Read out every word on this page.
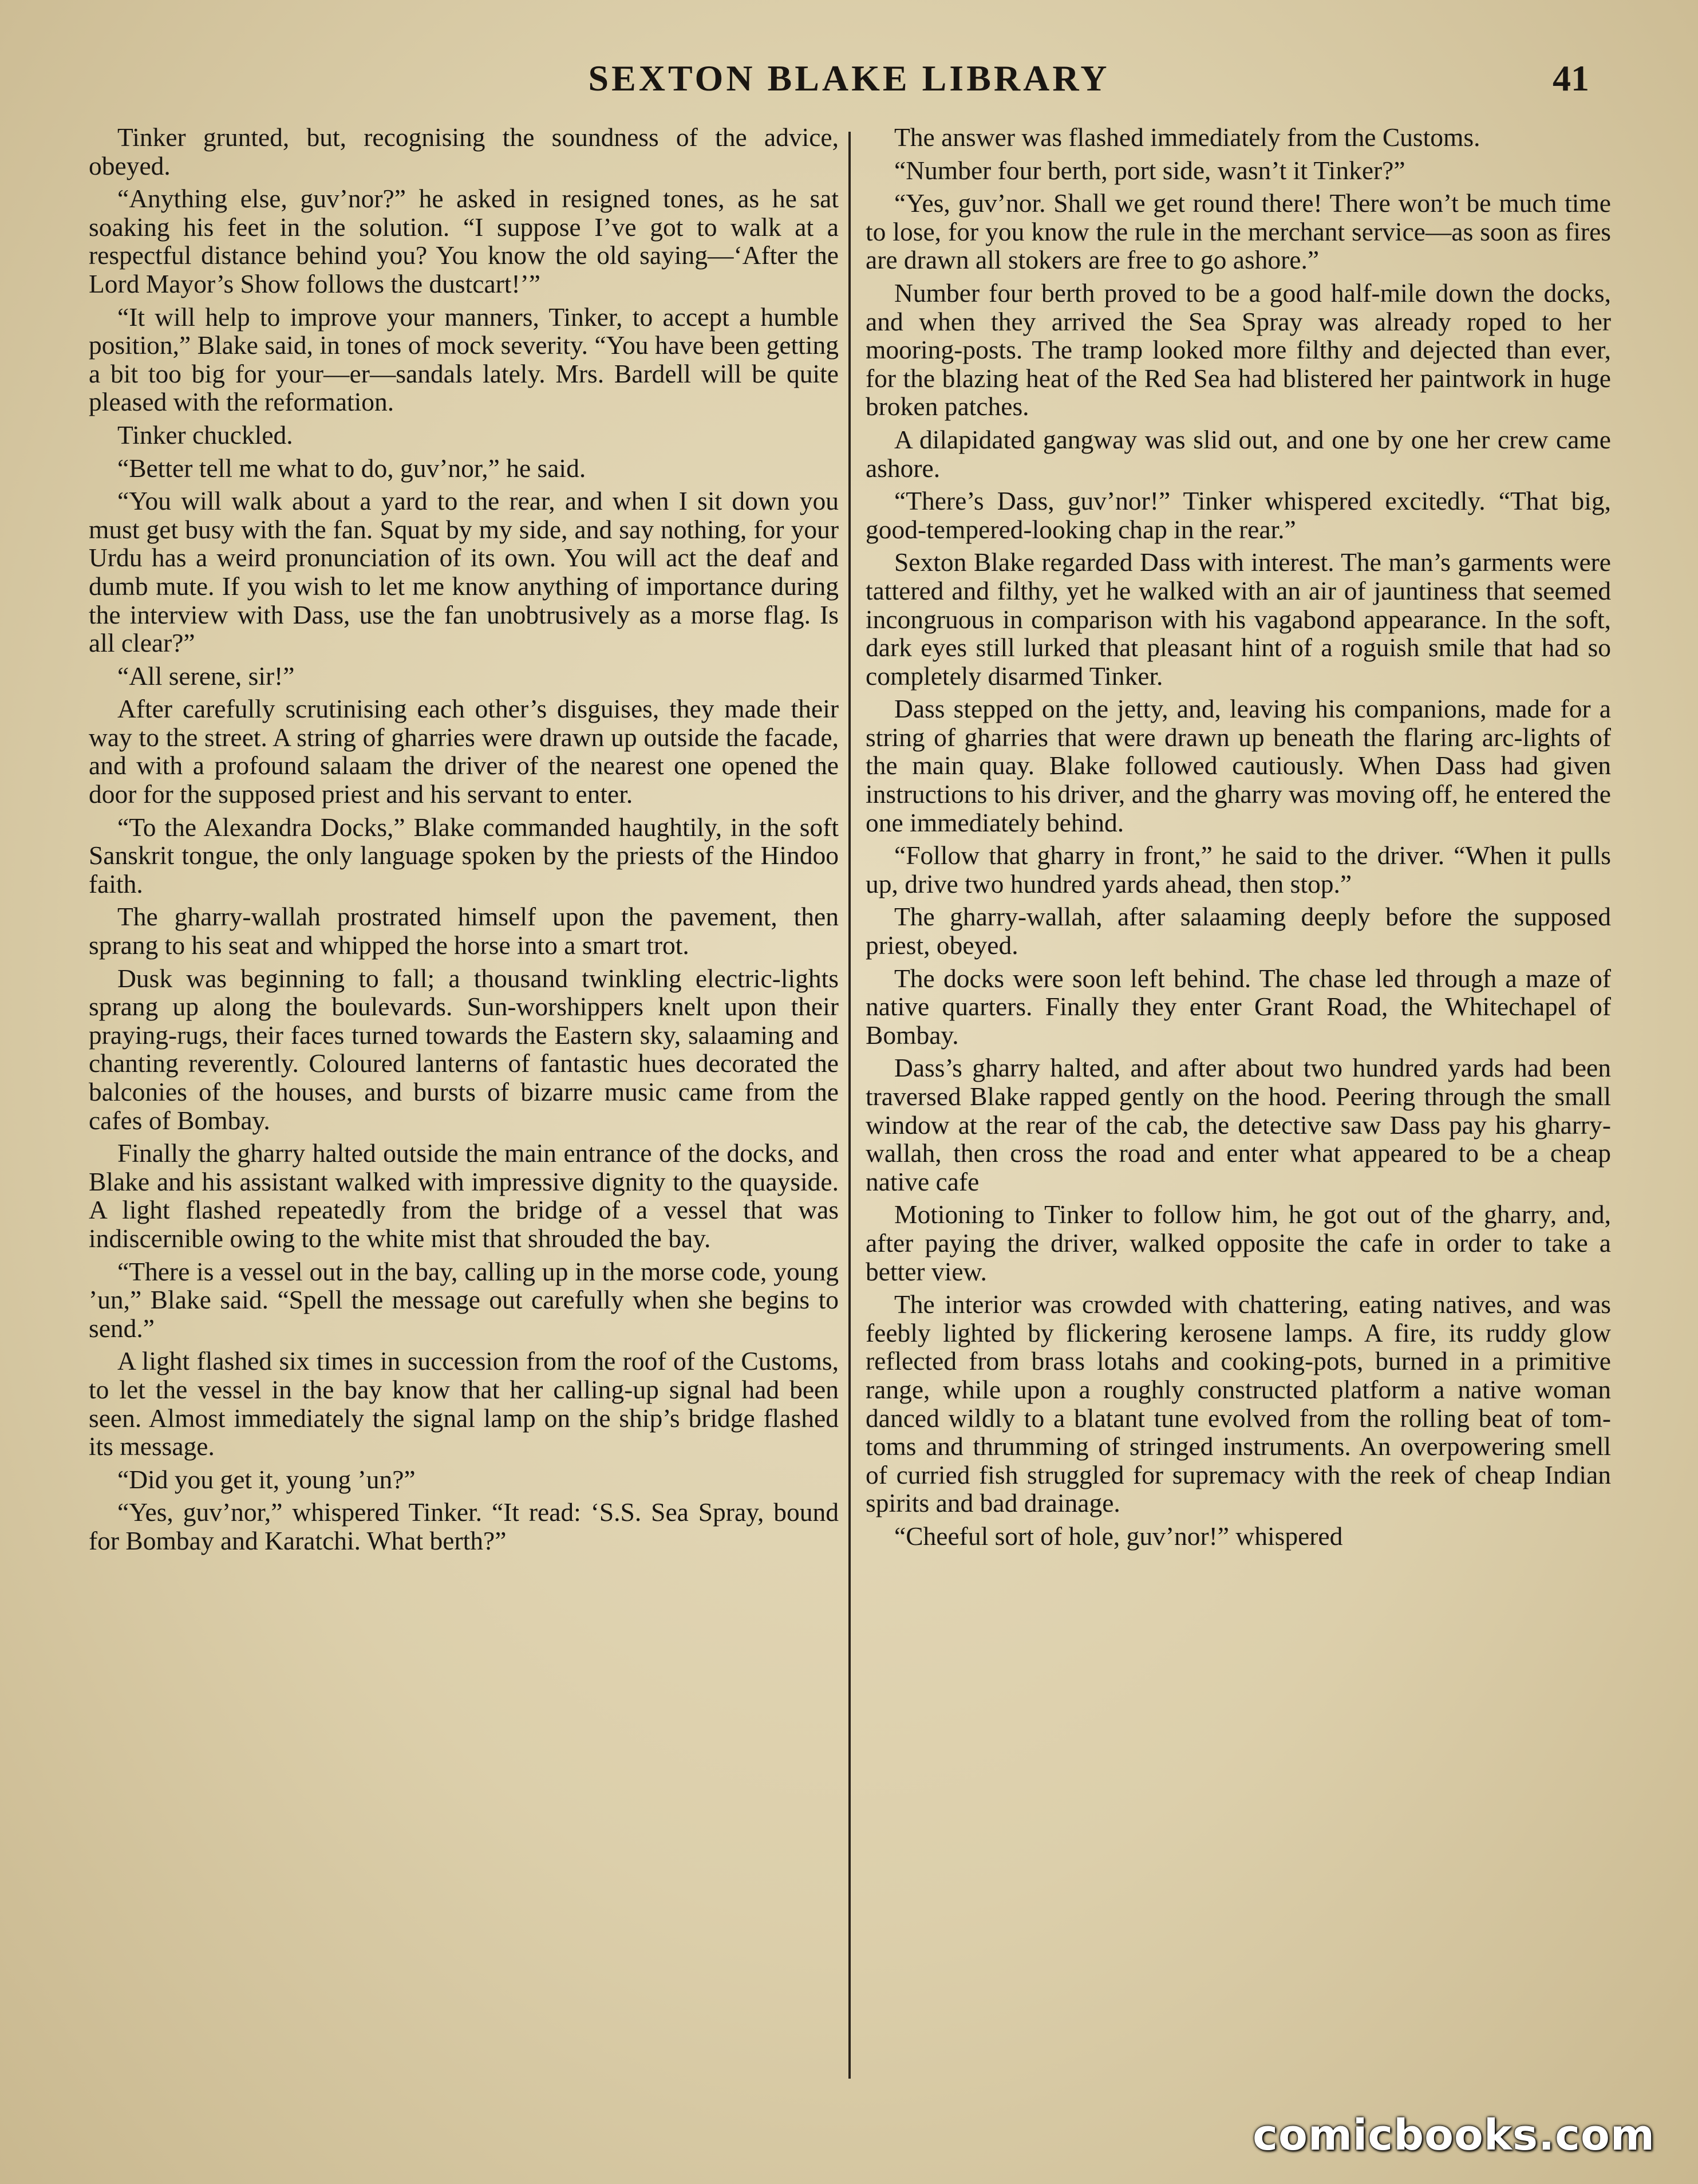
SEXTON BLAKE LIBRARY	41

Tinker grunted, but, recognising the soundness of the advice, obeyed.

“Anything else, guv’nor?” he asked in resigned tones, as he sat soaking his feet in the solution. “I suppose I’ve got to walk at a respectful distance behind you? You know the old saying—‘After the Lord Mayor’s Show follows the dustcart!’”

“It will help to improve your manners, Tinker, to accept a humble position,” Blake said, in tones of mock severity. “You have been getting a bit too big for your—er—sandals lately. Mrs. Bardell will be quite pleased with the reformation.

Tinker chuckled.

“Better tell me what to do, guv’nor,” he said.

“You will walk about a yard to the rear, and when I sit down you must get busy with the fan. Squat by my side, and say nothing, for your Urdu has a weird pronunciation of its own. You will act the deaf and dumb mute. If you wish to let me know anything of importance during the interview with Dass, use the fan unobtrusively as a morse flag. Is all clear?”

“All serene, sir!”

After carefully scrutinising each other’s disguises, they made their way to the street. A string of gharries were drawn up outside the facade, and with a profound salaam the driver of the nearest one opened the door for the supposed priest and his servant to enter.

“To the Alexandra Docks,” Blake commanded haughtily, in the soft Sanskrit tongue, the only language spoken by the priests of the Hindoo faith.

The gharry-wallah prostrated himself upon the pavement, then sprang to his seat and whipped the horse into a smart trot.

Dusk was beginning to fall; a thousand twinkling electric-lights sprang up along the boulevards. Sun-worshippers knelt upon their praying-rugs, their faces turned towards the Eastern sky, salaaming and chanting reverently. Coloured lanterns of fantastic hues decorated the balconies of the houses, and bursts of bizarre music came from the cafes of Bombay.

Finally the gharry halted outside the main entrance of the docks, and Blake and his assistant walked with impressive dignity to the quayside. A light flashed repeatedly from the bridge of a vessel that was indiscernible owing to the white mist that shrouded the bay.

“There is a vessel out in the bay, calling up in the morse code, young ’un,” Blake said. “Spell the message out carefully when she begins to send.”

A light flashed six times in succession from the roof of the Customs, to let the vessel in the bay know that her calling-up signal had been seen. Almost immediately the signal lamp on the ship’s bridge flashed its message.

“Did you get it, young ’un?”

“Yes, guv’nor,” whispered Tinker. “It read: ‘S.S. Sea Spray, bound for Bombay and Karatchi. What berth?”

The answer was flashed immediately from the Customs.

“Number four berth, port side, wasn’t it Tinker?”

“Yes, guv’nor. Shall we get round there! There won’t be much time to lose, for you know the rule in the merchant service—as soon as fires are drawn all stokers are free to go ashore.”

Number four berth proved to be a good half-mile down the docks, and when they arrived the Sea Spray was already roped to her mooring-posts. The tramp looked more filthy and dejected than ever, for the blazing heat of the Red Sea had blistered her paintwork in huge broken patches.

A dilapidated gangway was slid out, and one by one her crew came ashore.

“There’s Dass, guv’nor!” Tinker whispered excitedly. “That big, good-tempered-looking chap in the rear.”

Sexton Blake regarded Dass with interest. The man’s garments were tattered and filthy, yet he walked with an air of jauntiness that seemed incongruous in comparison with his vagabond appearance. In the soft, dark eyes still lurked that pleasant hint of a roguish smile that had so completely disarmed Tinker.

Dass stepped on the jetty, and, leaving his companions, made for a string of gharries that were drawn up beneath the flaring arc-lights of the main quay. Blake followed cautiously. When Dass had given instructions to his driver, and the gharry was moving off, he entered the one immediately behind.

“Follow that gharry in front,” he said to the driver. “When it pulls up, drive two hundred yards ahead, then stop.”

The gharry-wallah, after salaaming deeply before the supposed priest, obeyed.

The docks were soon left behind. The chase led through a maze of native quarters. Finally they enter Grant Road, the Whitechapel of Bombay.

Dass’s gharry halted, and after about two hundred yards had been traversed Blake rapped gently on the hood. Peering through the small window at the rear of the cab, the detective saw Dass pay his gharry-wallah, then cross the road and enter what appeared to be a cheap native cafe

Motioning to Tinker to follow him, he got out of the gharry, and, after paying the driver, walked opposite the cafe in order to take a better view.

The interior was crowded with chattering, eating natives, and was feebly lighted by flickering kerosene lamps. A fire, its ruddy glow reflected from brass lotahs and cooking-pots, burned in a primitive range, while upon a roughly constructed platform a native woman danced wildly to a blatant tune evolved from the rolling beat of tom-toms and thrumming of stringed instruments. An overpowering smell of curried fish struggled for supremacy with the reek of cheap Indian spirits and bad drainage.

“Cheeful sort of hole, guv’nor!” whispered

comicbooks.com
